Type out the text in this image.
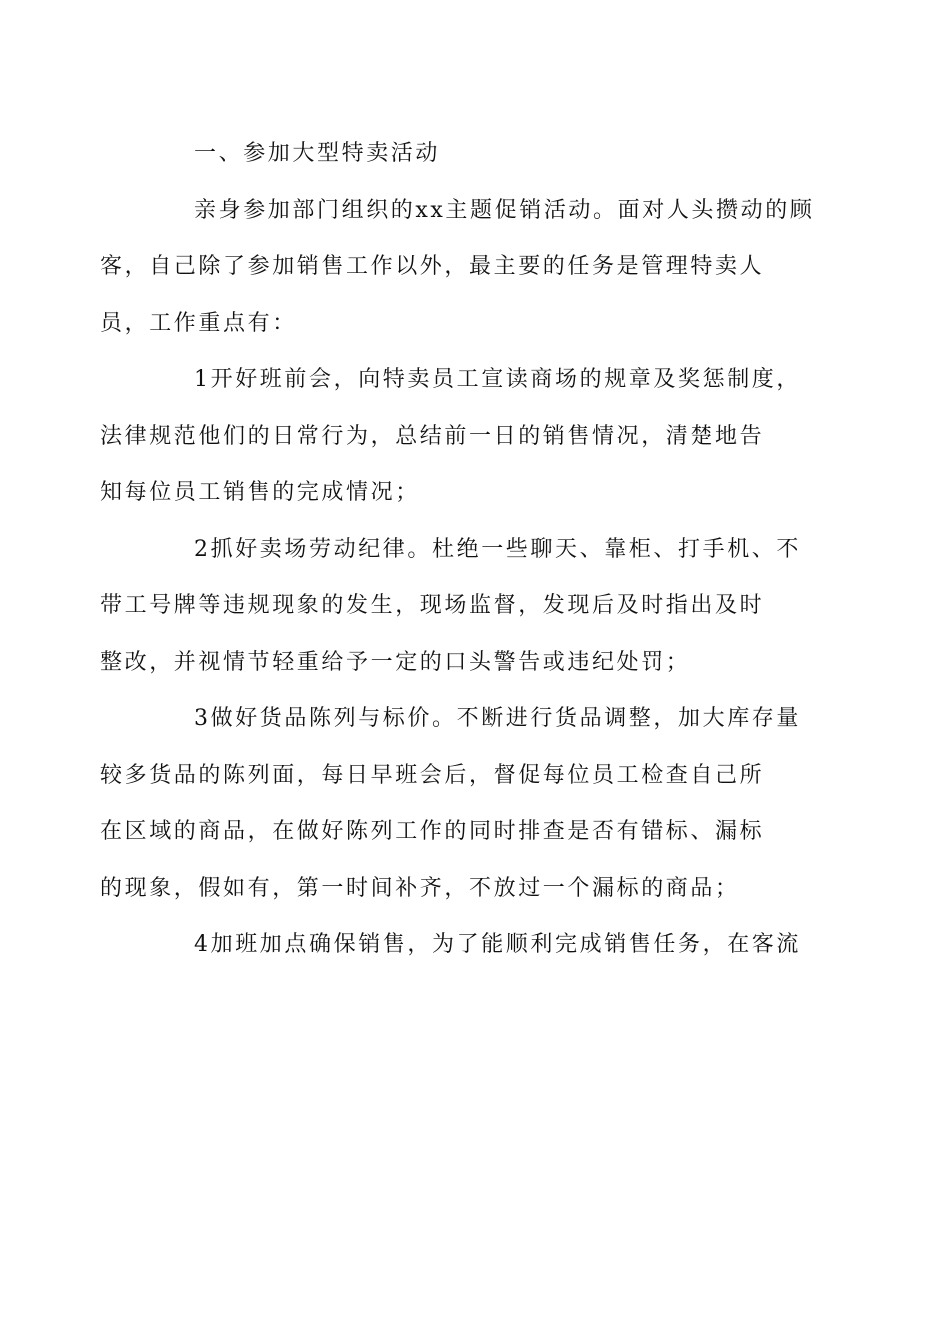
一、参加大型特卖活动

亲身参加部门组织的xx主题促销活动。面对人头攒动的顾
客，自己除了参加销售工作以外，最主要的任务是管理特卖人
员，工作重点有：

1开好班前会，向特卖员工宣读商场的规章及奖惩制度，
法律规范他们的日常行为，总结前一日的销售情况，清楚地告
知每位员工销售的完成情况；

2抓好卖场劳动纪律。杜绝一些聊天、靠柜、打手机、不
带工号牌等违规现象的发生，现场监督，发现后及时指出及时
整改，并视情节轻重给予一定的口头警告或违纪处罚；

3做好货品陈列与标价。不断进行货品调整，加大库存量
较多货品的陈列面，每日早班会后，督促每位员工检查自己所
在区域的商品，在做好陈列工作的同时排查是否有错标、漏标
的现象，假如有，第一时间补齐，不放过一个漏标的商品；

4加班加点确保销售，为了能顺利完成销售任务，在客流
